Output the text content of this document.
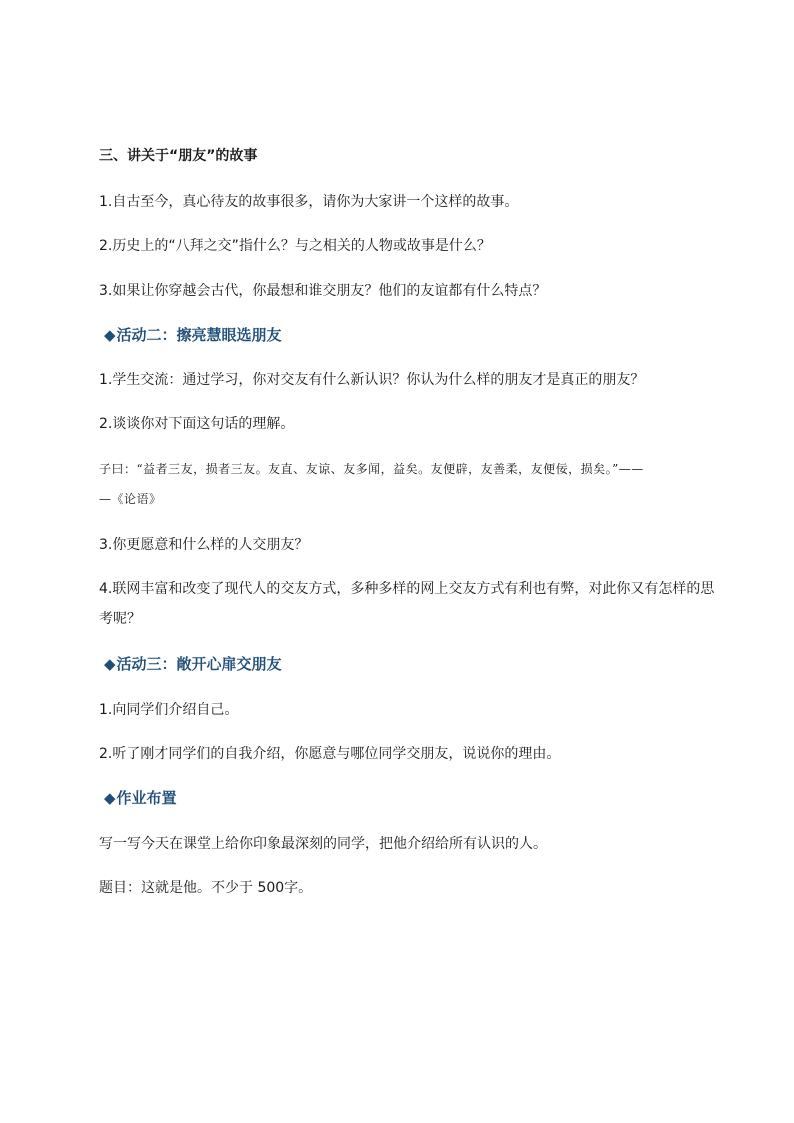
三、讲关于“朋友”的故事
1.自古至今，真心待友的故事很多，请你为大家讲一个这样的故事。
2.历史上的“八拜之交”指什么？与之相关的人物或故事是什么？
3.如果让你穿越会古代，你最想和谁交朋友？他们的友谊都有什么特点？
◆活动二：擦亮慧眼选朋友
1.学生交流：通过学习，你对交友有什么新认识？你认为什么样的朋友才是真正的朋友？
2.谈谈你对下面这句话的理解。
子曰：“益者三友，损者三友。友直、友谅、友多闻，益矣。友便辟，友善柔，友便佞，损矣。”——
—《论语》
3.你更愿意和什么样的人交朋友？
4.联网丰富和改变了现代人的交友方式，多种多样的网上交友方式有利也有弊，对此你又有怎样的思
考呢？
◆活动三：敞开心扉交朋友
1.向同学们介绍自己。
2.听了刚才同学们的自我介绍，你愿意与哪位同学交朋友，说说你的理由。
◆作业布置
写一写今天在课堂上给你印象最深刻的同学，把他介绍给所有认识的人。
题目：这就是他。不少于 500字。
